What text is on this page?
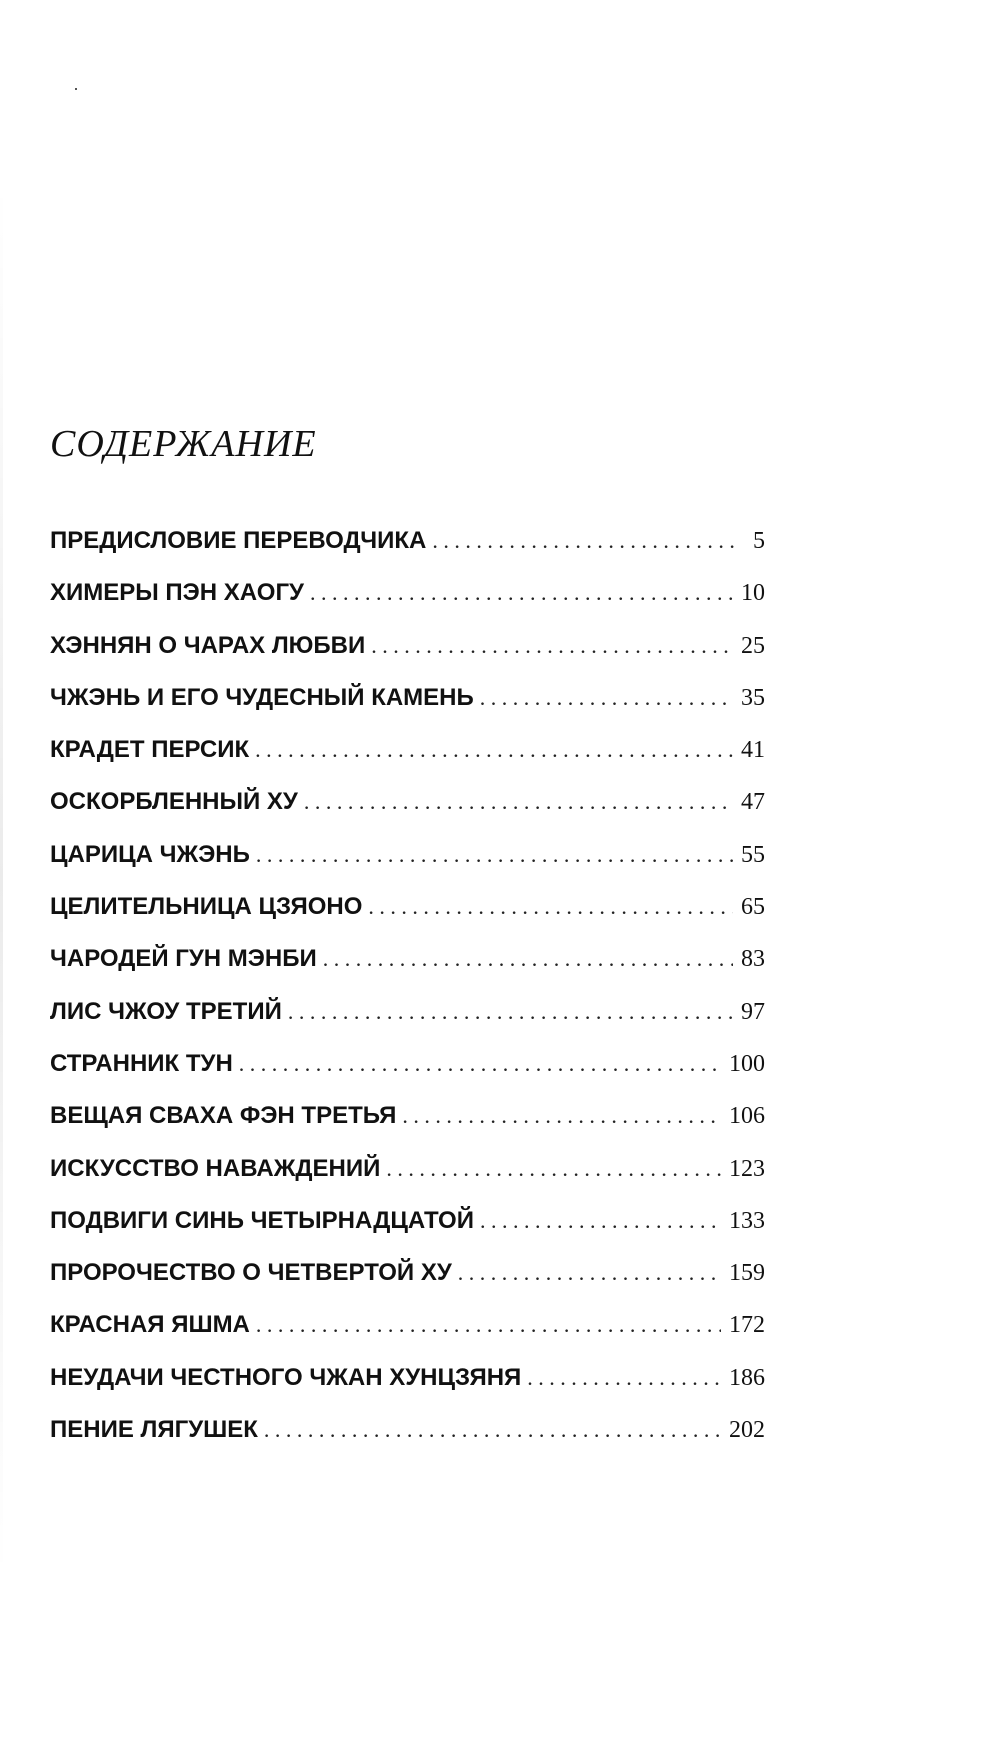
СОДЕРЖАНИЕ
ПРЕДИСЛОВИЕ ПЕРЕВОДЧИКА . . .	5
ХИМЕРЫ ПЭН ХАОГУ . . .	10
ХЭННЯН О ЧАРАХ ЛЮБВИ . . .	25
ЧЖЭНЬ И ЕГО ЧУДЕСНЫЙ КАМЕНЬ . . .	35
КРАДЕТ ПЕРСИК . . .	41
ОСКОРБЛЕННЫЙ ХУ . . .	47
ЦАРИЦА ЧЖЭНЬ . . .	55
ЦЕЛИТЕЛЬНИЦА ЦЗЯОНО . . .	65
ЧАРОДЕЙ ГУН МЭНБИ . . .	83
ЛИС ЧЖОУ ТРЕТИЙ . . .	97
СТРАННИК ТУН . . .	100
ВЕЩАЯ СВАХА ФЭН ТРЕТЬЯ . . .	106
ИСКУССТВО НАВАЖДЕНИЙ . . .	123
ПОДВИГИ СИНЬ ЧЕТЫРНАДЦАТОЙ . . .	133
ПРОРОЧЕСТВО О ЧЕТВЕРТОЙ ХУ . . .	159
КРАСНАЯ ЯШМА . . .	172
НЕУДАЧИ ЧЕСТНОГО ЧЖАН ХУНЦЗЯНЯ . . .	186
ПЕНИЕ ЛЯГУШЕК . . .	202
